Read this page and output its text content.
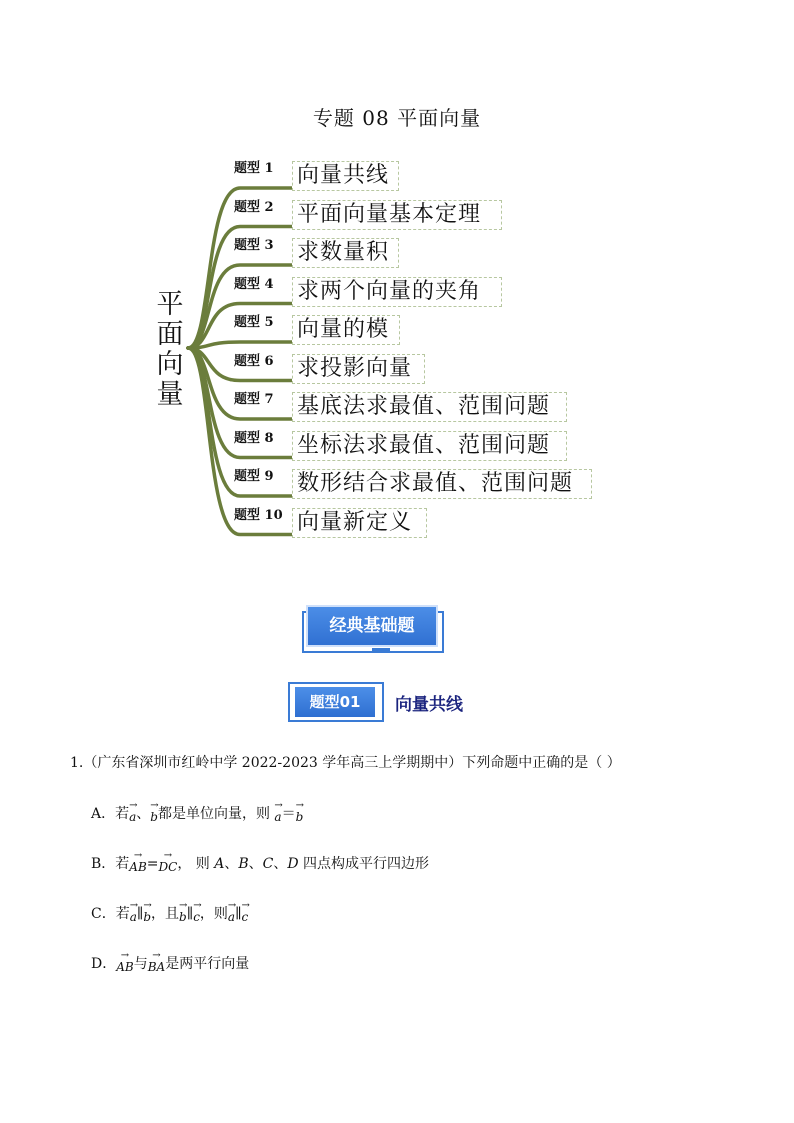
专题 08 平面向量
平
面
向
量
题型 1 向量共线
题型 2 平面向量基本定理
题型 3 求数量积
题型 4 求两个向量的夹角
题型 5 向量的模
题型 6 求投影向量
题型 7 基底法求最值、范围问题
题型 8 坐标法求最值、范围问题
题型 9 数形结合求最值、范围问题
题型 10 向量新定义
经典基础题
题型01	向量共线
1.（广东省深圳市红岭中学 2022-2023 学年高三上学期期中）下列命题中正确的是（ ）
A．若→ a、→ b都是单位向量，则 → a＝→ b
B．若→ AB=→ DC， 则 A、B、C、D 四点构成平行四边形
C．若→ a∥→ b，且→ b∥→ c，则→ a∥→ c
D．→ AB与→ BA是两平行向量
